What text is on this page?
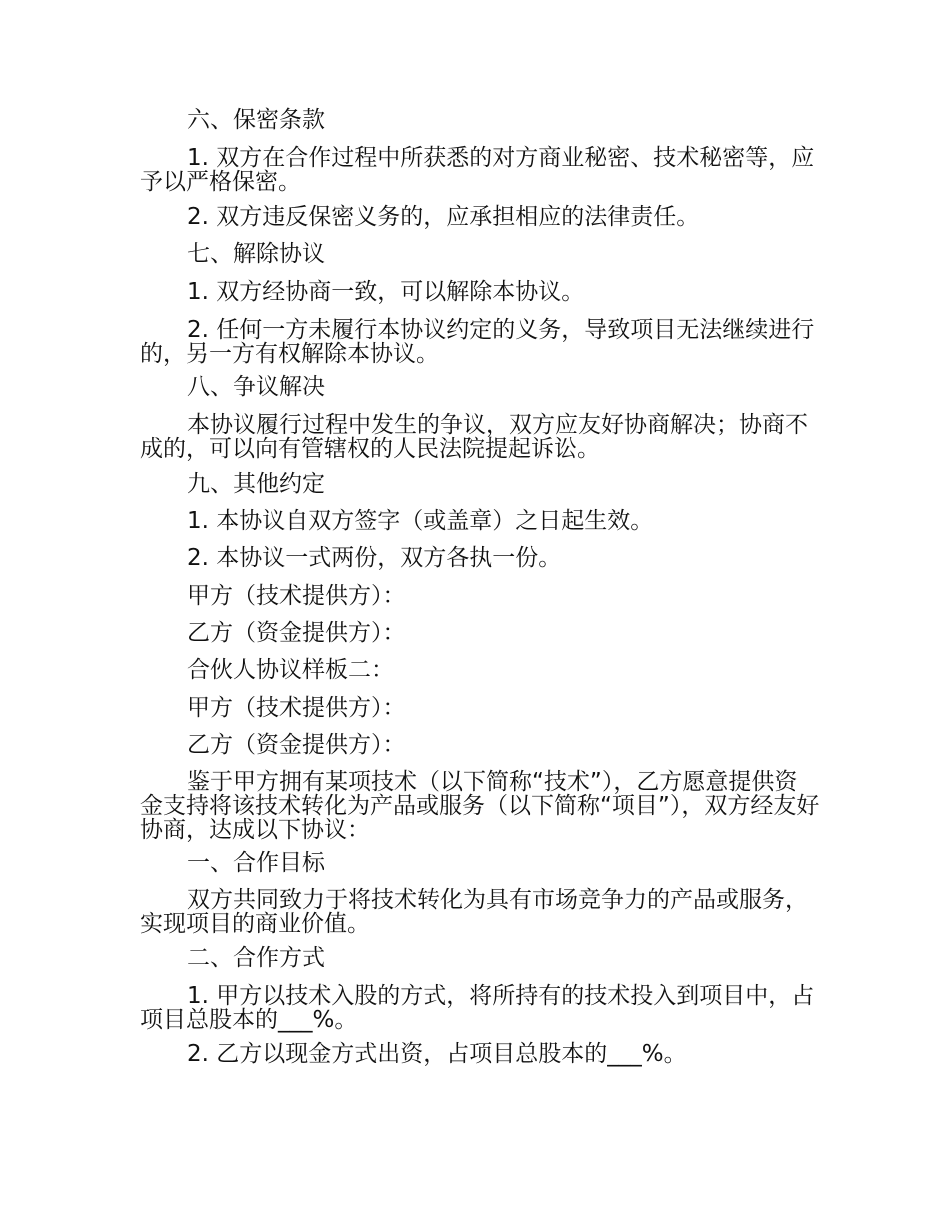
六、保密条款

1. 双方在合作过程中所获悉的对方商业秘密、技术秘密等，应予以严格保密。

2. 双方违反保密义务的，应承担相应的法律责任。

七、解除协议

1. 双方经协商一致，可以解除本协议。

2. 任何一方未履行本协议约定的义务，导致项目无法继续进行的，另一方有权解除本协议。

八、争议解决

本协议履行过程中发生的争议，双方应友好协商解决；协商不成的，可以向有管辖权的人民法院提起诉讼。

九、其他约定

1. 本协议自双方签字（或盖章）之日起生效。

2. 本协议一式两份，双方各执一份。

甲方（技术提供方）：

乙方（资金提供方）：

合伙人协议样板二：

甲方（技术提供方）：

乙方（资金提供方）：

鉴于甲方拥有某项技术（以下简称“技术”），乙方愿意提供资金支持将该技术转化为产品或服务（以下简称“项目”），双方经友好协商，达成以下协议：

一、合作目标

双方共同致力于将技术转化为具有市场竞争力的产品或服务，实现项目的商业价值。

二、合作方式

1. 甲方以技术入股的方式，将所持有的技术投入到项目中，占项目总股本的___%。

2. 乙方以现金方式出资，占项目总股本的___%。
